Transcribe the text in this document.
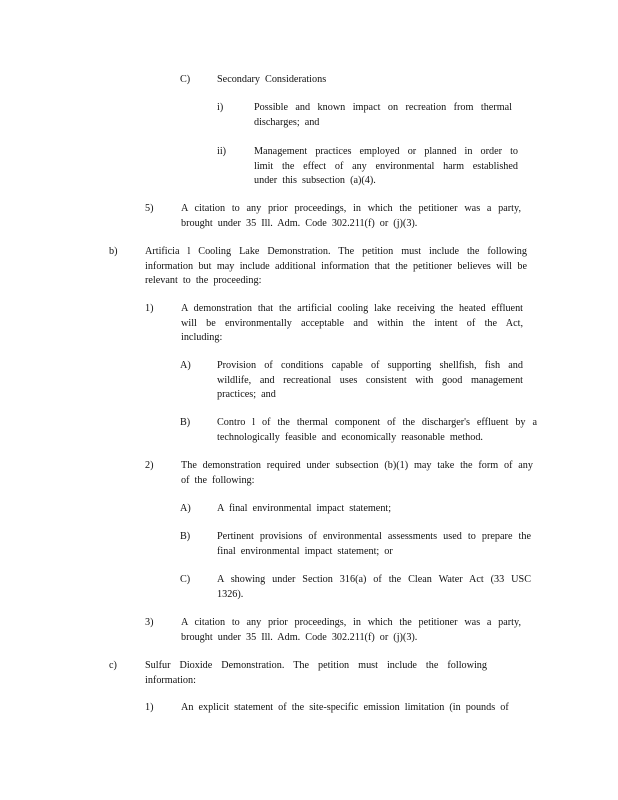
C)	Secondary Considerations
i)	Possible and known impact on recreation from thermal discharges; and
ii)	Management practices employed or planned in order to limit the effect of any environmental harm established under this subsection (a)(4).
5)	A citation to any prior proceedings, in which the petitioner was a party, brought under 35 Ill. Adm. Code 302.211(f) or (j)(3).
b)	Artificia l Cooling Lake Demonstration. The petition must include the following information but may include additional information that the petitioner believes will be relevant to the proceeding:
1)	A demonstration that the artificial cooling lake receiving the heated effluent will be environmentally acceptable and within the intent of the Act, including:
A)	Provision of conditions capable of supporting shellfish, fish and wildlife, and recreational uses consistent with good management practices; and
B)	Contro l of the thermal component of the discharger's effluent by a technologically feasible and economically reasonable method.
2)	The demonstration required under subsection (b)(1) may take the form of any of the following:
A)	A final environmental impact statement;
B)	Pertinent provisions of environmental assessments used to prepare the final environmental impact statement; or
C)	A showing under Section 316(a) of the Clean Water Act (33 USC 1326).
3)	A citation to any prior proceedings, in which the petitioner was a party, brought under 35 Ill. Adm. Code 302.211(f) or (j)(3).
c)	Sulfur Dioxide Demonstration. The petition must include the following information:
1)	An explicit statement of the site-specific emission limitation (in pounds of
